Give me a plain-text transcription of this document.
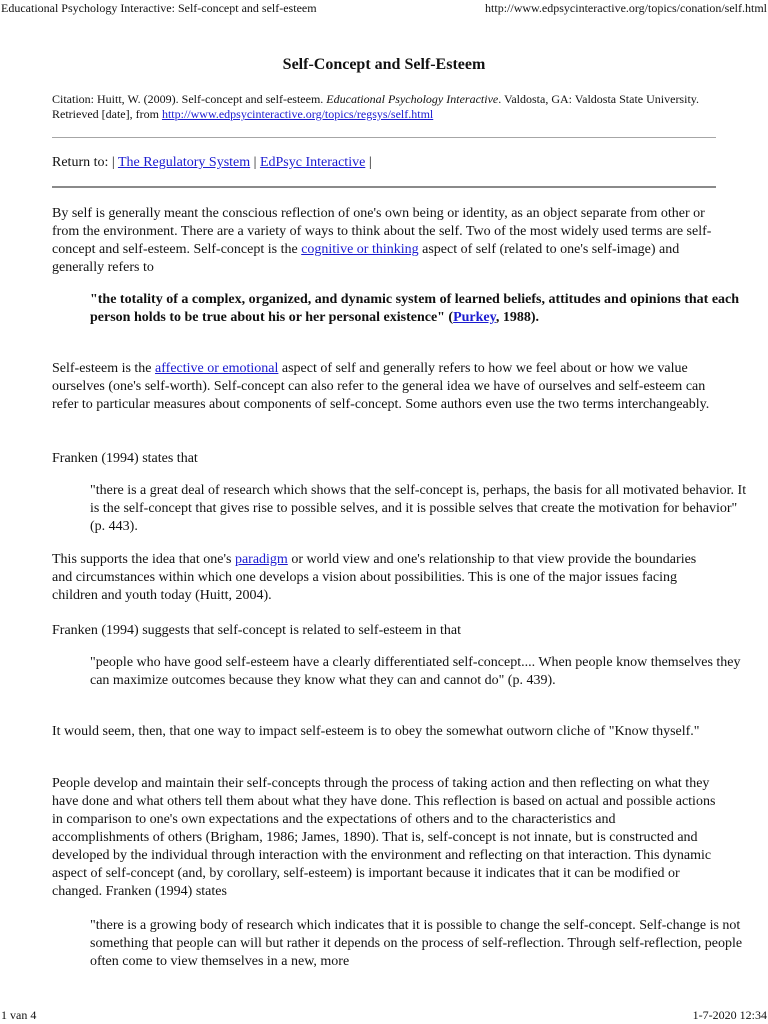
Educational Psychology Interactive: Self-concept and self-esteem	http://www.edpsycinteractive.org/topics/conation/self.html
Self-Concept and Self-Esteem
Citation: Huitt, W. (2009). Self-concept and self-esteem. Educational Psychology Interactive. Valdosta, GA: Valdosta State University. Retrieved [date], from http://www.edpsycinteractive.org/topics/regsys/self.html
Return to: | The Regulatory System | EdPsyc Interactive |

By self is generally meant the conscious reflection of one's own being or identity, as an object separate from other or from the environment. There are a variety of ways to think about the self. Two of the most widely used terms are self-concept and self-esteem. Self-concept is the cognitive or thinking aspect of self (related to one's self-image) and generally refers to

"the totality of a complex, organized, and dynamic system of learned beliefs, attitudes and opinions that each person holds to be true about his or her personal existence" (Purkey, 1988).

Self-esteem is the affective or emotional aspect of self and generally refers to how we feel about or how we value ourselves (one's self-worth). Self-concept can also refer to the general idea we have of ourselves and self-esteem can refer to particular measures about components of self-concept. Some authors even use the two terms interchangeably.

Franken (1994) states that

"there is a great deal of research which shows that the self-concept is, perhaps, the basis for all motivated behavior. It is the self-concept that gives rise to possible selves, and it is possible selves that create the motivation for behavior" (p. 443).

This supports the idea that one's paradigm or world view and one's relationship to that view provide the boundaries and circumstances within which one develops a vision about possibilities. This is one of the major issues facing children and youth today (Huitt, 2004).

Franken (1994) suggests that self-concept is related to self-esteem in that

"people who have good self-esteem have a clearly differentiated self-concept.... When people know themselves they can maximize outcomes because they know what they can and cannot do" (p. 439).

It would seem, then, that one way to impact self-esteem is to obey the somewhat outworn cliche of "Know thyself."

People develop and maintain their self-concepts through the process of taking action and then reflecting on what they have done and what others tell them about what they have done. This reflection is based on actual and possible actions in comparison to one's own expectations and the expectations of others and to the characteristics and accomplishments of others (Brigham, 1986; James, 1890). That is, self-concept is not innate, but is constructed and developed by the individual through interaction with the environment and reflecting on that interaction. This dynamic aspect of self-concept (and, by corollary, self-esteem) is important because it indicates that it can be modified or changed. Franken (1994) states

"there is a growing body of research which indicates that it is possible to change the self-concept. Self-change is not something that people can will but rather it depends on the process of self-reflection. Through self-reflection, people often come to view themselves in a new, more

1 van 4	1-7-2020 12:34
